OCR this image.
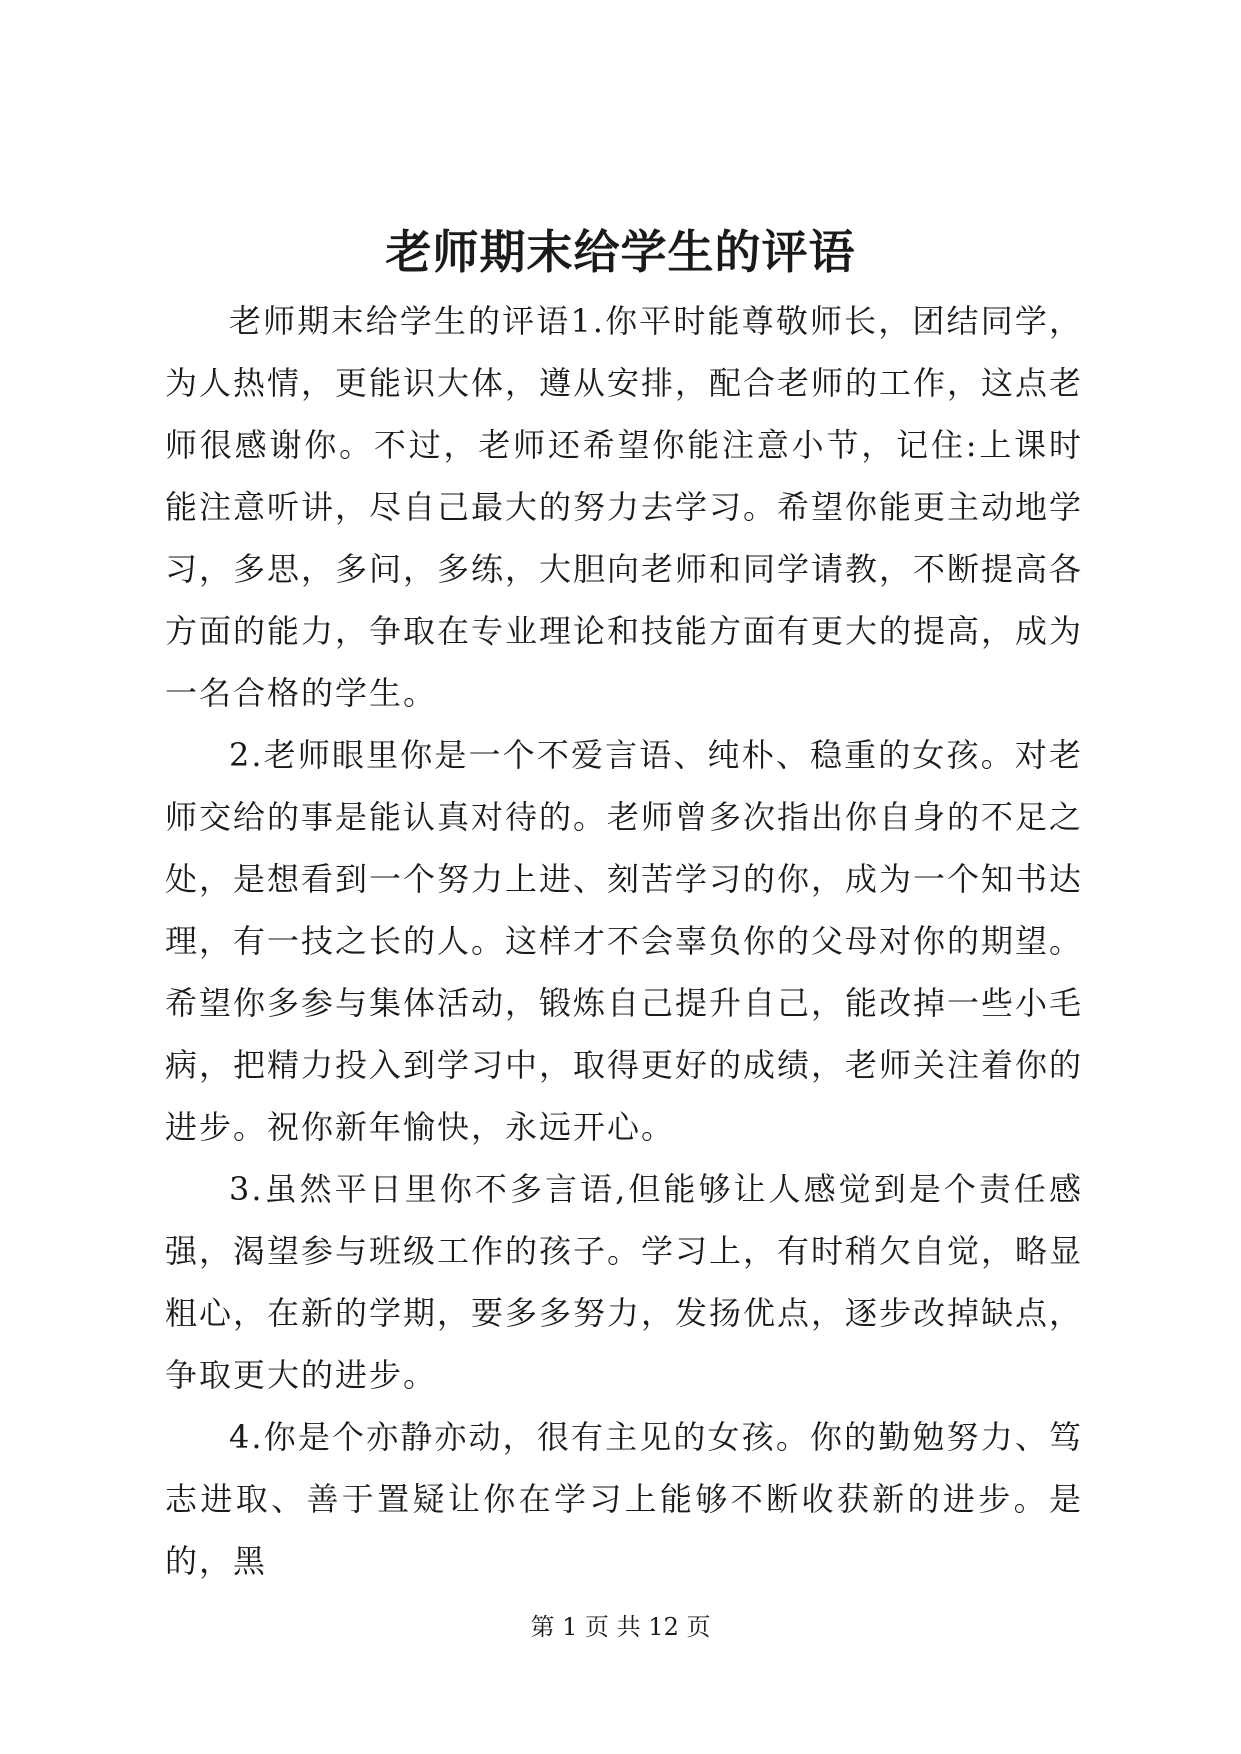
老师期末给学生的评语

老师期末给学生的评语1.你平时能尊敬师长，团结同学，为人热情，更能识大体，遵从安排，配合老师的工作，这点老师很感谢你。不过，老师还希望你能注意小节，记住:上课时能注意听讲，尽自己最大的努力去学习。希望你能更主动地学习，多思，多问，多练，大胆向老师和同学请教，不断提高各方面的能力，争取在专业理论和技能方面有更大的提高，成为一名合格的学生。

2.老师眼里你是一个不爱言语、纯朴、稳重的女孩。对老师交给的事是能认真对待的。老师曾多次指出你自身的不足之处，是想看到一个努力上进、刻苦学习的你，成为一个知书达理，有一技之长的人。这样才不会辜负你的父母对你的期望。希望你多参与集体活动，锻炼自己提升自己，能改掉一些小毛病，把精力投入到学习中，取得更好的成绩，老师关注着你的进步。祝你新年愉快，永远开心。

3.虽然平日里你不多言语,但能够让人感觉到是个责任感强，渴望参与班级工作的孩子。学习上，有时稍欠自觉，略显粗心，在新的学期，要多多努力，发扬优点，逐步改掉缺点，争取更大的进步。

4.你是个亦静亦动，很有主见的女孩。你的勤勉努力、笃志进取、善于置疑让你在学习上能够不断收获新的进步。是的，黑

第 1 页 共 12 页
